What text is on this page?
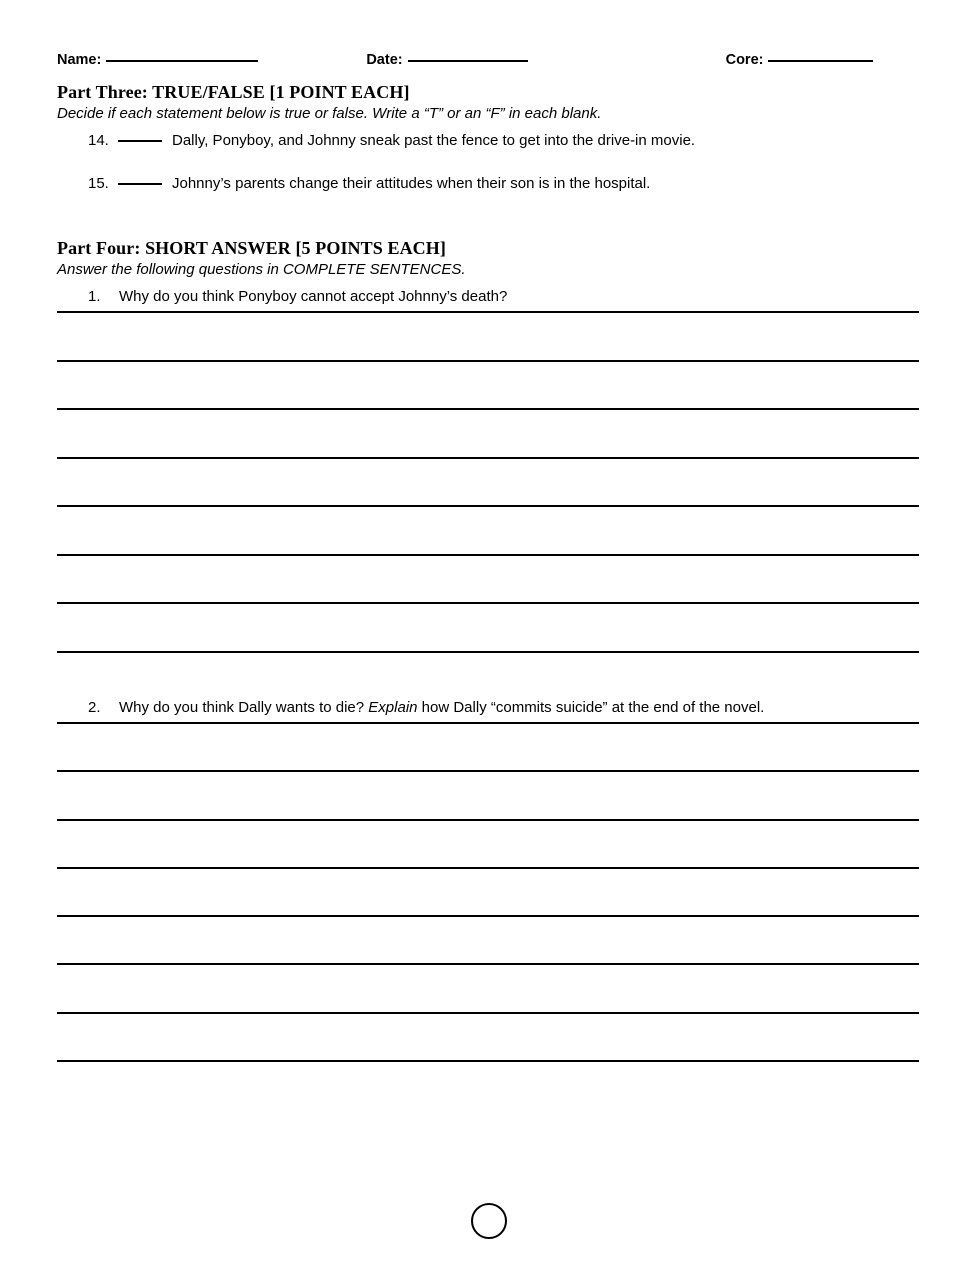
Name:	Date:	Core:
Part Three: TRUE/FALSE [1 POINT EACH]
Decide if each statement below is true or false. Write a “T” or an “F” in each blank.
14.	Dally, Ponyboy, and Johnny sneak past the fence to get into the drive-in movie.
15.	Johnny’s parents change their attitudes when their son is in the hospital.
Part Four: SHORT ANSWER [5 POINTS EACH]
Answer the following questions in COMPLETE SENTENCES.
1.	Why do you think Ponyboy cannot accept Johnny’s death?
2.	Why do you think Dally wants to die? Explain how Dally “commits suicide” at the end of the novel.
